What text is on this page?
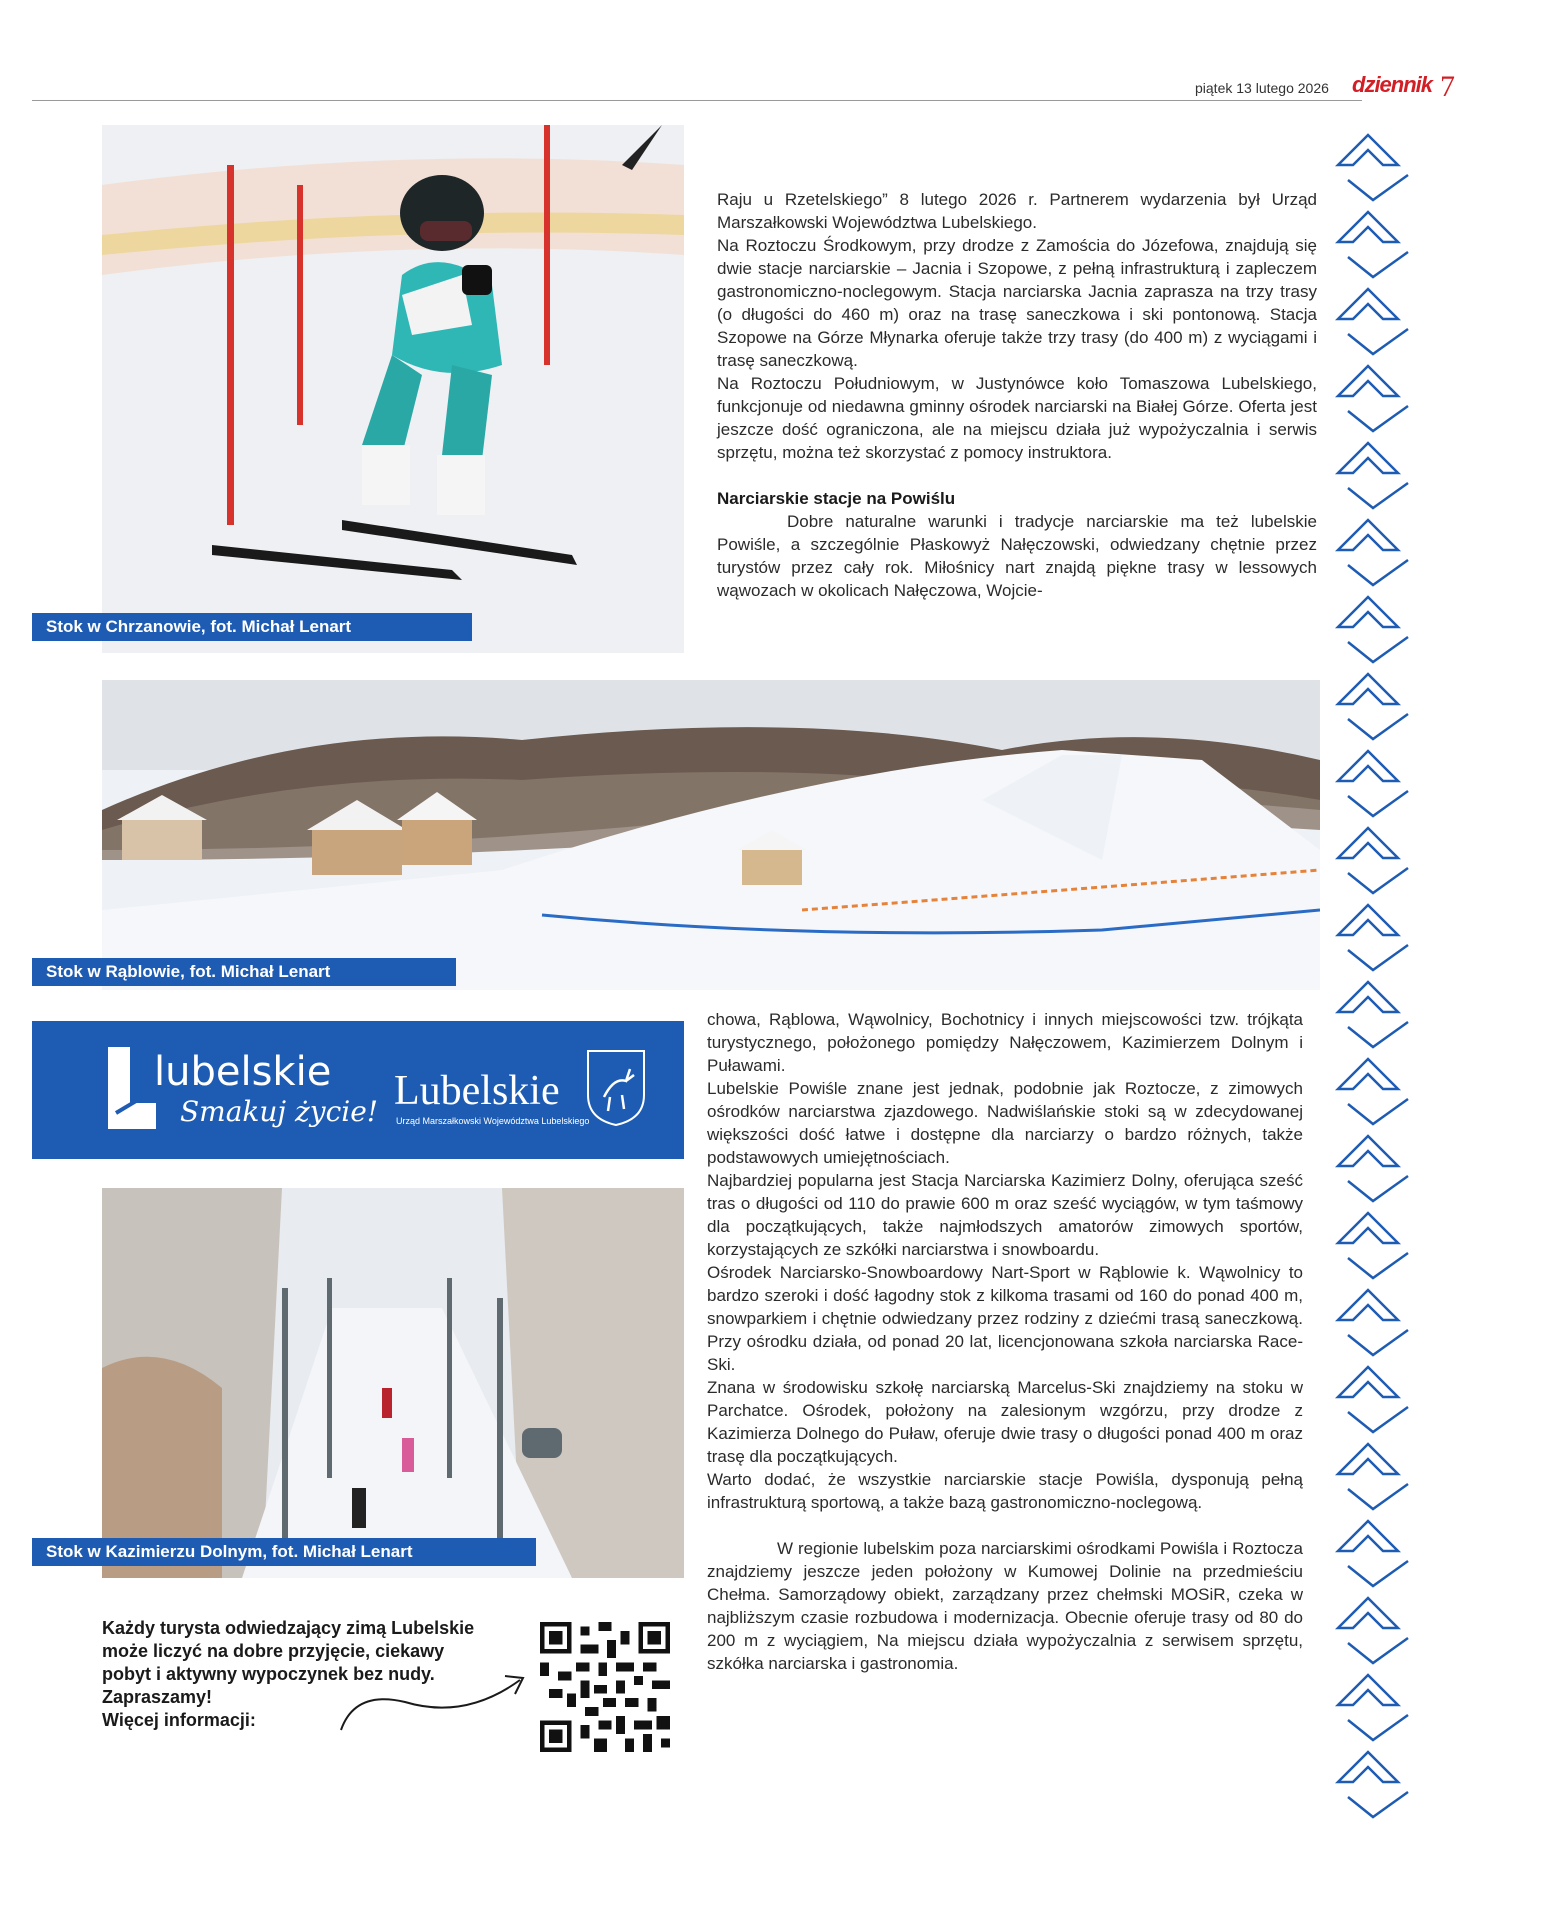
piątek 13 lutego 2026 dziennik 7
Stok w Chrzanowie, fot. Michał Lenart

Raju u Rzetelskiego” 8 lutego 2026 r. Partnerem wydarzenia był Urząd Marszałkowski Województwa Lubelskiego.

Na Roztoczu Środkowym, przy drodze z Zamościa do Józefowa, znajdują się dwie stacje narciarskie – Jacnia i Szopowe, z pełną infrastrukturą i zapleczem gastronomiczno-noclegowym. Stacja narciarska Jacnia zaprasza na trzy trasy (o długości do 460 m) oraz na trasę saneczkowa i ski pontonową. Stacja Szopowe na Górze Młynarka oferuje także trzy trasy (do 400 m) z wyciągami i trasę saneczkową.

Na Roztoczu Południowym, w Justynówce koło Tomaszowa Lubelskiego, funkcjonuje od niedawna gminny ośrodek narciarski na Białej Górze. Oferta jest jeszcze dość ograniczona, ale na miejscu działa już wypożyczalnia i serwis sprzętu, można też skorzystać z pomocy instruktora.

Narciarskie stacje na Powiślu

Dobre naturalne warunki i tradycje narciarskie ma też lubelskie Powiśle, a szczególnie Płaskowyż Nałęczowski, odwiedzany chętnie przez turystów przez cały rok. Miłośnicy nart znajdą piękne trasy w lessowych wąwozach w okolicach Nałęczowa, Wojcie-

Stok w Rąblowie, fot. Michał Lenart
lubelskie
Smakuj życie! Lubelskie
Urząd Marszałkowski Województwa Lubelskiego
Stok w Kazimierzu Dolnym, fot. Michał Lenart

chowa, Rąblowa, Wąwolnicy, Bochotnicy i innych miejscowości tzw. trójkąta turystycznego, położonego pomiędzy Nałęczowem, Kazimierzem Dolnym i Puławami.

Lubelskie Powiśle znane jest jednak, podobnie jak Roztocze, z zimowych ośrodków narciarstwa zjazdowego. Nadwiślańskie stoki są w zdecydowanej większości dość łatwe i dostępne dla narciarzy o bardzo różnych, także podstawowych umiejętnościach.

Najbardziej popularna jest Stacja Narciarska Kazimierz Dolny, oferująca sześć tras o długości od 110 do prawie 600 m oraz sześć wyciągów, w tym taśmowy dla początkujących, także najmłodszych amatorów zimowych sportów, korzystających ze szkółki narciarstwa i snowboardu.

Ośrodek Narciarsko-Snowboardowy Nart-Sport w Rąblowie k. Wąwolnicy to bardzo szeroki i dość łagodny stok z kilkoma trasami od 160 do ponad 400 m, snowparkiem i chętnie odwiedzany przez rodziny z dziećmi trasą saneczkową. Przy ośrodku działa, od ponad 20 lat, licencjonowana szkoła narciarska Race-Ski.

Znana w środowisku szkołę narciarską Marcelus-Ski znajdziemy na stoku w Parchatce. Ośrodek, położony na zalesionym wzgórzu, przy drodze z Kazimierza Dolnego do Puław, oferuje dwie trasy o długości ponad 400 m oraz trasę dla początkujących.

Warto dodać, że wszystkie narciarskie stacje Powiśla, dysponują pełną infrastrukturą sportową, a także bazą gastronomiczno-noclegową.

W regionie lubelskim poza narciarskimi ośrodkami Powiśla i Roztocza znajdziemy jeszcze jeden położony w Kumowej Dolinie na przedmieściu Chełma. Samorządowy obiekt, zarządzany przez chełmski MOSiR, czeka w najbliższym czasie rozbudowa i modernizacja. Obecnie oferuje trasy od 80 do 200 m z wyciągiem, Na miejscu działa wypożyczalnia z serwisem sprzętu, szkółka narciarska i gastronomia.

Każdy turysta odwiedzający zimą Lubelskie może liczyć na dobre przyjęcie, ciekawy pobyt i aktywny wypoczynek bez nudy.

Zapraszamy!

Więcej informacji:
